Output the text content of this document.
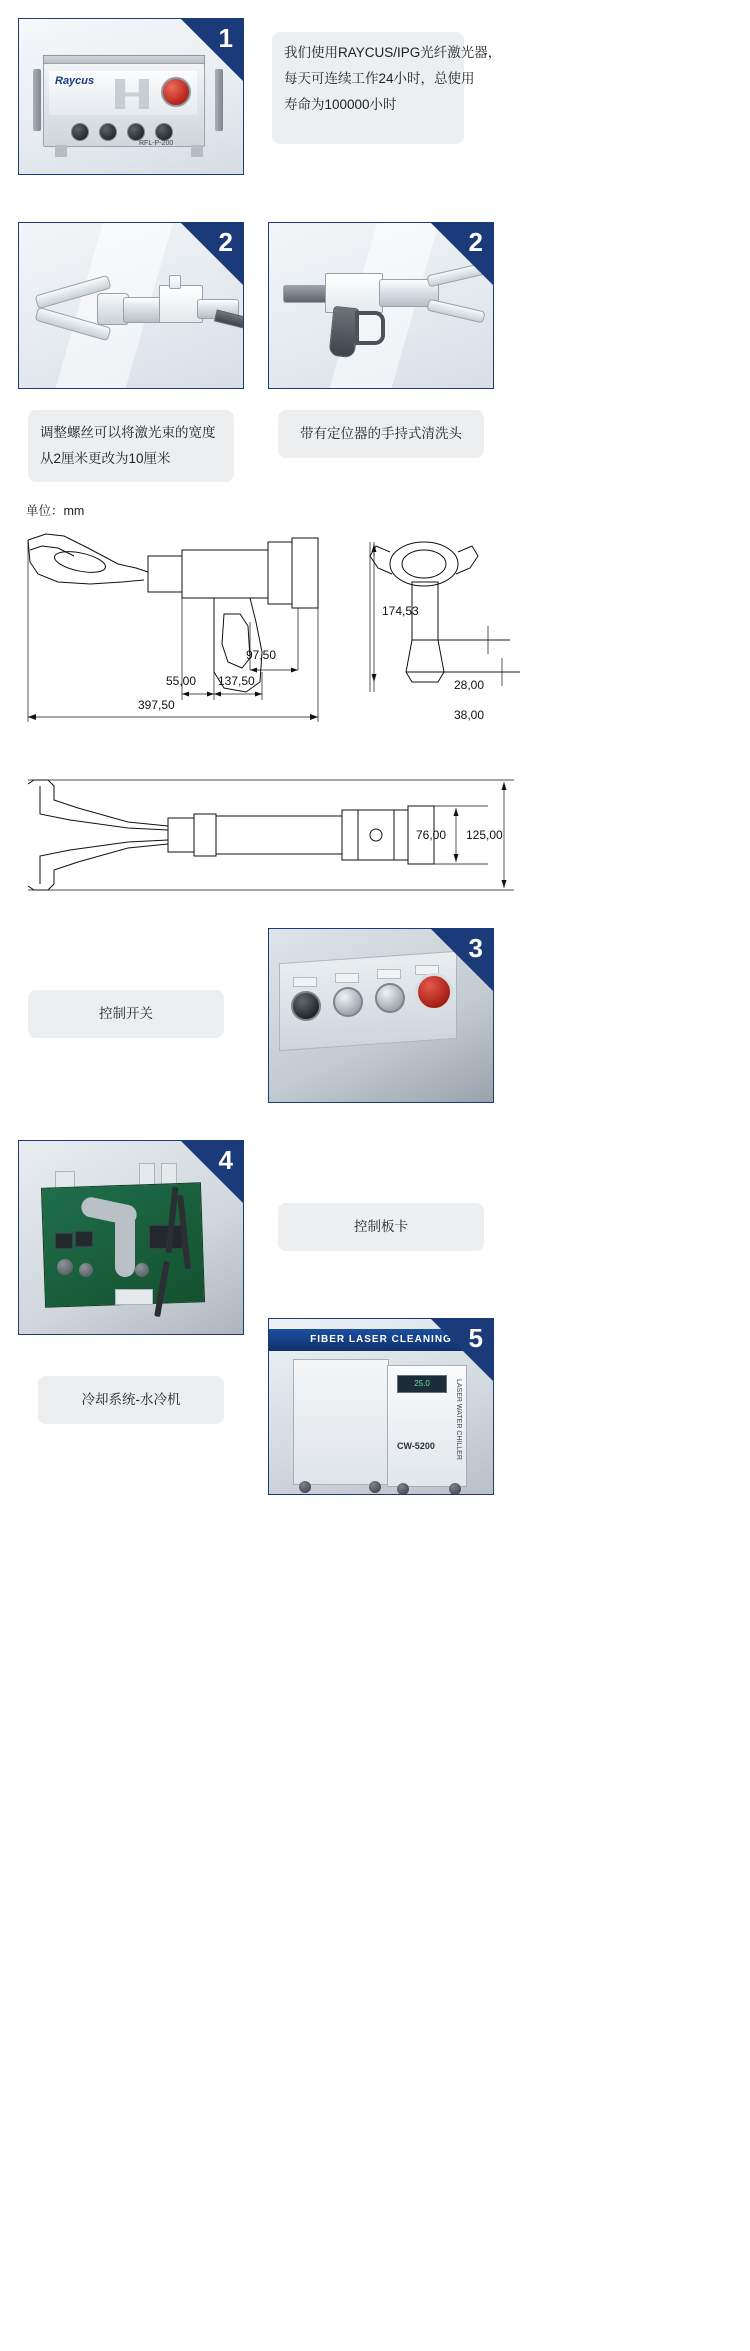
Raycus
RFL-P-200
1	我们使用RAYCUS/IPG光纤激光器，
每天可连续工作24小时，总使用
寿命为100000小时
2	2
调整螺丝可以将激光束的宽度
从2厘米更改为10厘米
带有定位器的手持式清洗头
单位：mm
397,50
55,00 137,50
97,50
174,53
28,00
38,00
76,00 125,00
控制开关
3
4
控制板卡
冷却系统-水冷机
FIBER LASER CLEANING
25.0	LASER WATER CHILLER
CW-5200
5
